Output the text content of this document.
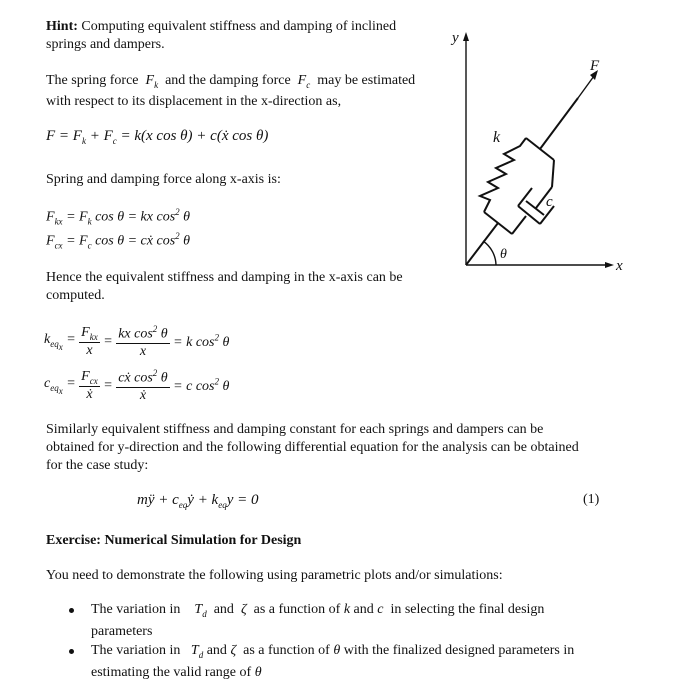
Hint: Computing equivalent stiffness and damping of inclined
springs and dampers.
The spring force  $F_k$ and the damping force  $F_c$ may be estimated
with respect to its displacement in the x-direction as,
$F = F_k + F_c = k(x$ cos θ) + c(ẋ cos θ)
Spring and damping force along x-axis is:
$F_{kx} = F_k$ cos θ = kx $\cos^2 \theta$
$F_{cx} = F_c$ cos θ = cẋ $\cos^2 \theta$
Hence the equivalent stiffness and damping in the x-axis can be
computed.
$k_{eq_x} = \frac{F_{kx}}{x} = \frac{kx \cos^2 \theta}{x} = k$ $\cos^2 \theta$
$c_{eq_x} = \frac{F_{cx}}{\text{ẋ}} = \frac{cẋ \cos^2 \theta}{\text{ẋ}} = c$ $\cos^2 \theta$
Similarly equivalent stiffness and damping constant for each springs and dampers can be
obtained for y-direction and the following differential equation for the analysis can be obtained
for the case study:
mÿ + $c_{eq}ẏ + k_{eq}y = 0$	(1)
Exercise: Numerical Simulation for Design
You need to demonstrate the following using parametric plots and/or simulations:
The variation in $T_d$ and ζ as a function of k and c in selecting the final design
parameters
The variation in $T_d$ and ζ as a function of θ with the finalized designed parameters in
estimating the valid range of θ
y
x
F
k
c
θ
